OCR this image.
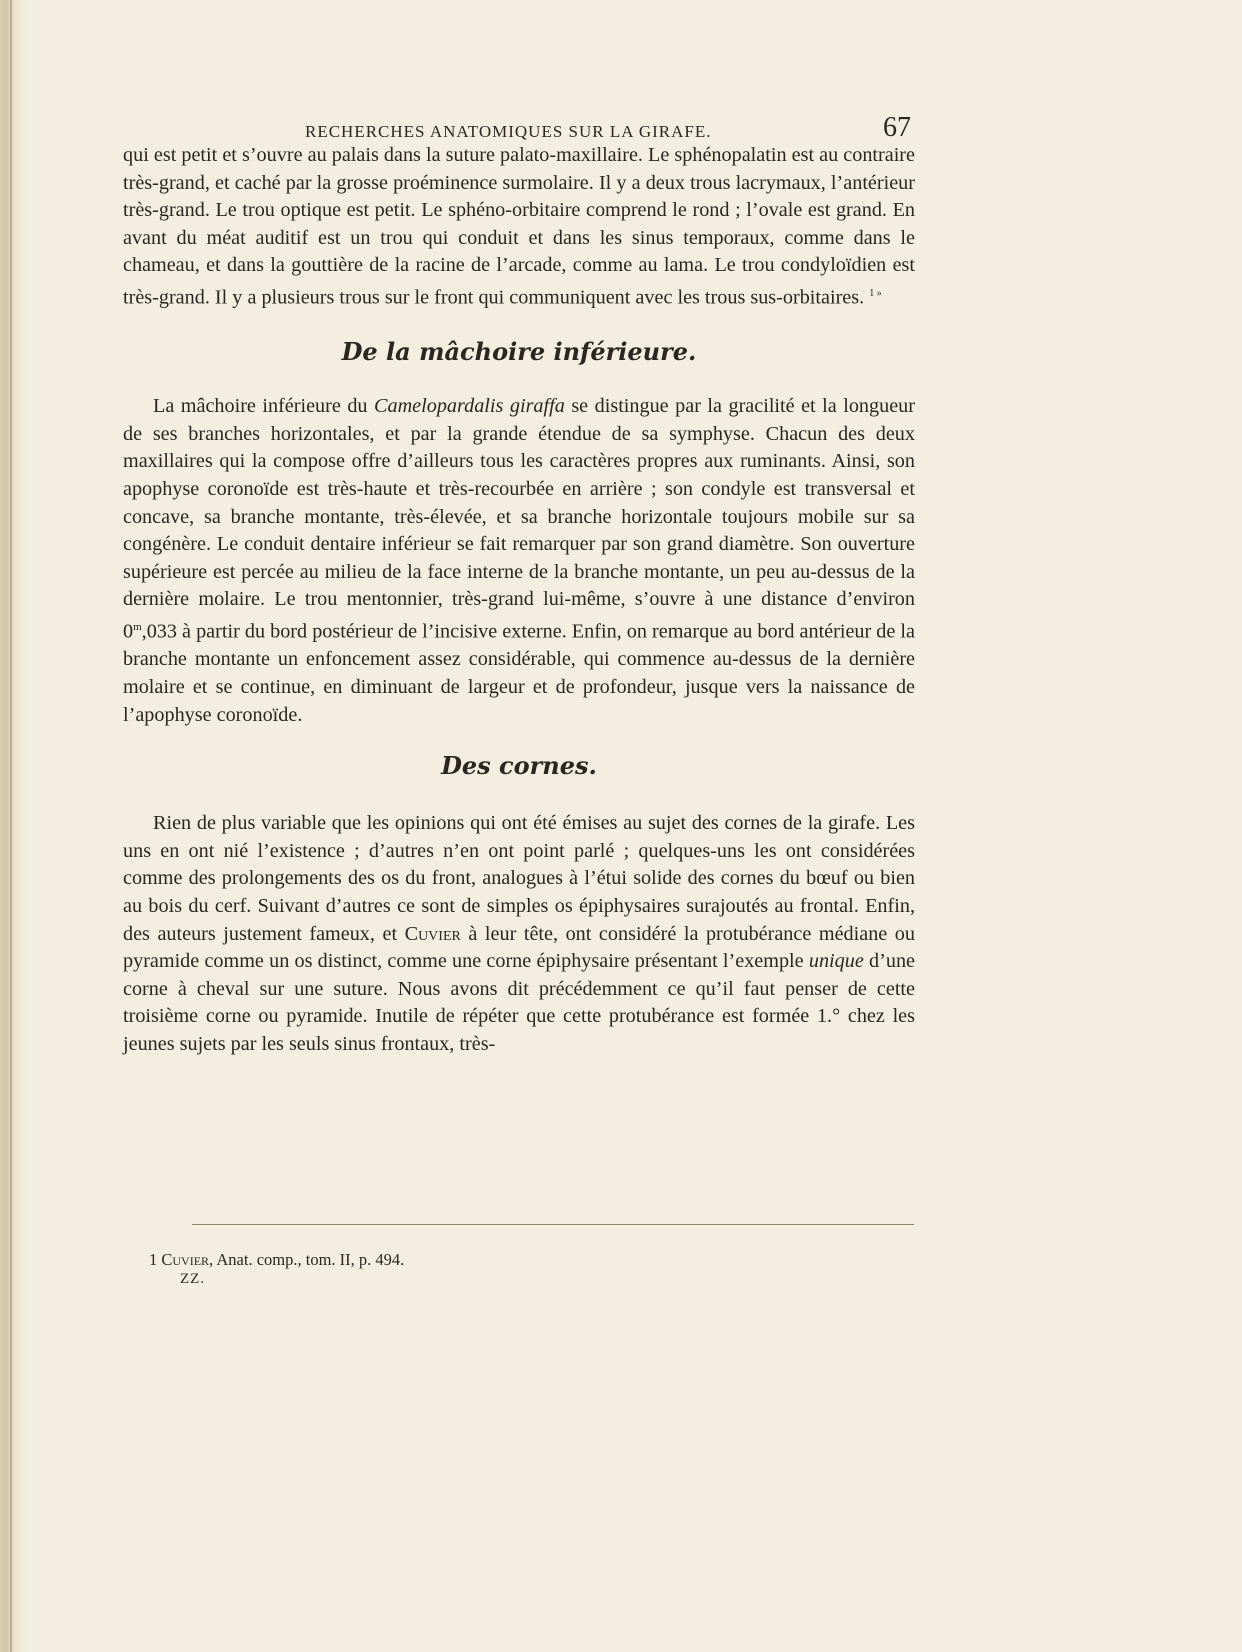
RECHERCHES ANATOMIQUES SUR LA GIRAFE.	67

qui est petit et s’ouvre au palais dans la suture palato-maxillaire. Le sphénopalatin est au contraire très-grand, et caché par la grosse proéminence surmolaire. Il y a deux trous lacrymaux, l’antérieur très-grand. Le trou optique est petit. Le sphéno-orbitaire comprend le rond ; l’ovale est grand. En avant du méat auditif est un trou qui conduit et dans les sinus temporaux, comme dans le chameau, et dans la gouttière de la racine de l’arcade, comme au lama. Le trou condyloïdien est très-grand. Il y a plusieurs trous sur le front qui communiquent avec les trous sus-orbitaires. $^{1 »}$

De la mâchoire inférieure.

La mâchoire inférieure du Camelopardalis giraffa se distingue par la gracilité et la longueur de ses branches horizontales, et par la grande étendue de sa symphyse. Chacun des deux maxillaires qui la compose offre d’ailleurs tous les caractères propres aux ruminants. Ainsi, son apophyse coronoïde est très-haute et très-recourbée en arrière ; son condyle est transversal et concave, sa branche montante, très-élevée, et sa branche horizontale toujours mobile sur sa congénère. Le conduit dentaire inférieur se fait remarquer par son grand diamètre. Son ouverture supérieure est percée au milieu de la face interne de la branche montante, un peu au-dessus de la dernière molaire. Le trou mentonnier, très-grand lui-même, s’ouvre à une distance d’environ 0$^m$,033 à partir du bord postérieur de l’incisive externe. Enfin, on remarque au bord antérieur de la branche montante un enfoncement assez considérable, qui commence au-dessus de la dernière molaire et se continue, en diminuant de largeur et de profondeur, jusque vers la naissance de l’apophyse coronoïde.

Des cornes.

Rien de plus variable que les opinions qui ont été émises au sujet des cornes de la girafe. Les uns en ont nié l’existence ; d’autres n’en ont point parlé ; quelques-uns les ont considérées comme des prolongements des os du front, analogues à l’étui solide des cornes du bœuf ou bien au bois du cerf. Suivant d’autres ce sont de simples os épiphysaires surajoutés au frontal. Enfin, des auteurs justement fameux, et Cuvier à leur tête, ont considéré la protubérance médiane ou pyramide comme un os distinct, comme une corne épiphysaire présentant l’exemple unique d’une corne à cheval sur une suture. Nous avons dit précédemment ce qu’il faut penser de cette troisième corne ou pyramide. Inutile de répéter que cette protubérance est formée 1.° chez les jeunes sujets par les seuls sinus frontaux, très-

1 Cuvier, Anat. comp., tom. II, p. 494.
ZZ.
